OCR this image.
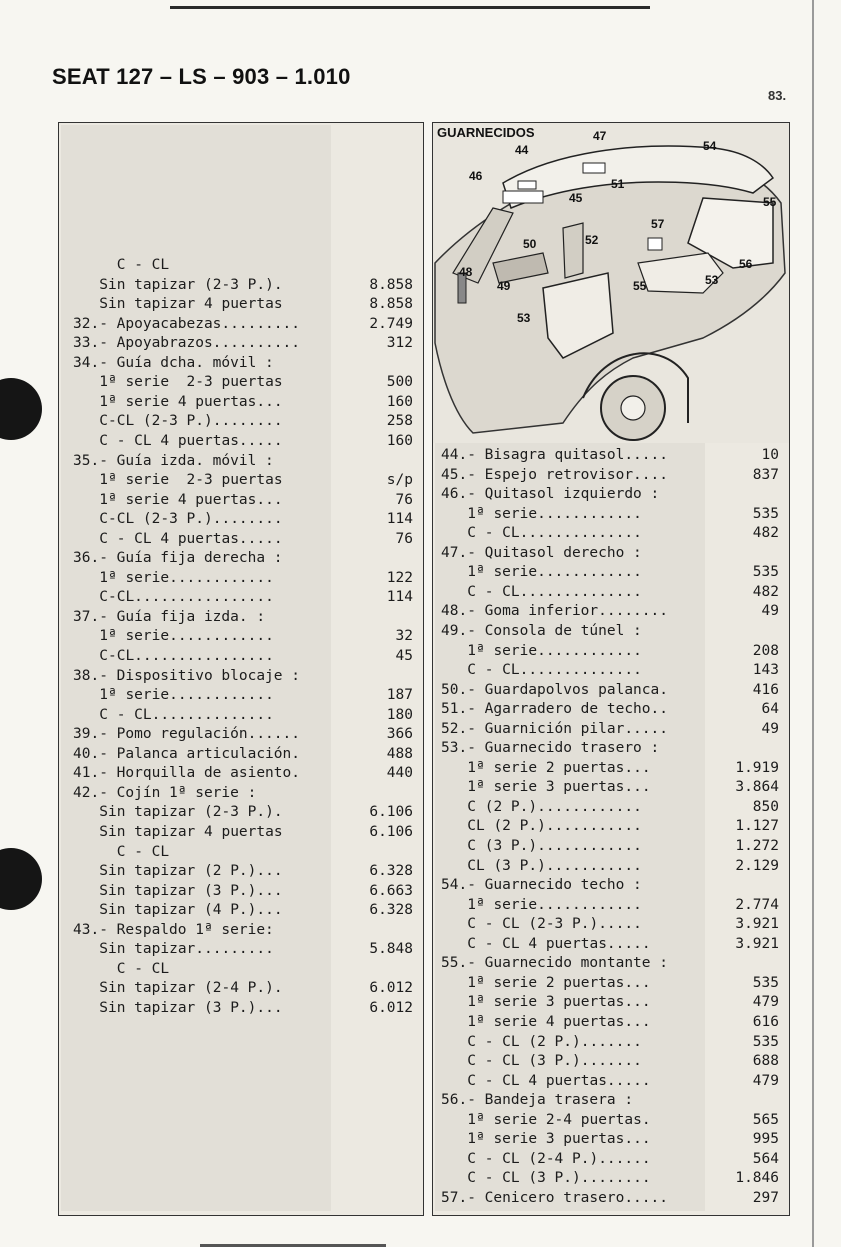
SEAT 127 – LS – 903 – 1.010
83.
C - CL
Sin tapizar (2-3 P.).	8.858
Sin tapizar 4 puertas	8.858
32.- Apoyacabezas.........	2.749
33.- Apoyabrazos..........	312
34.- Guía dcha. móvil :
1ª serie  2-3 puertas	500
1ª serie 4 puertas...	160
C-CL (2-3 P.)........	258
C - CL 4 puertas.....	160
35.- Guía izda. móvil :
1ª serie  2-3 puertas	s/p
1ª serie 4 puertas...	76
C-CL (2-3 P.)........	114
C - CL 4 puertas.....	76
36.- Guía fija derecha :
1ª serie............	122
C-CL................	114
37.- Guía fija izda. :
1ª serie............	32
C-CL................	45
38.- Dispositivo blocaje :
1ª serie............	187
C - CL..............	180
39.- Pomo regulación......	366
40.- Palanca articulación.	488
41.- Horquilla de asiento.	440
42.- Cojín 1ª serie :
Sin tapizar (2-3 P.).	6.106
Sin tapizar 4 puertas	6.106
C - CL
Sin tapizar (2 P.)...	6.328
Sin tapizar (3 P.)...	6.663
Sin tapizar (4 P.)...	6.328
43.- Respaldo 1ª serie:
Sin tapizar.........	5.848
C - CL
Sin tapizar (2-4 P.).	6.012
Sin tapizar (3 P.)...	6.012
GUARNECIDOS	47
44	54
46
51
45	55
57
50	52
48
56
49	55	53
53
44.- Bisagra quitasol.....	10
45.- Espejo retrovisor....	837
46.- Quitasol izquierdo :
1ª serie............	535
C - CL..............	482
47.- Quitasol derecho :
1ª serie............	535
C - CL..............	482
48.- Goma inferior........	49
49.- Consola de túnel :
1ª serie............	208
C - CL..............	143
50.- Guardapolvos palanca.	416
51.- Agarradero de techo..	64
52.- Guarnición pilar.....	49
53.- Guarnecido trasero :
1ª serie 2 puertas...	1.919
1ª serie 3 puertas...	3.864
C (2 P.)............	850
CL (2 P.)...........	1.127
C (3 P.)............	1.272
CL (3 P.)...........	2.129
54.- Guarnecido techo :
1ª serie............	2.774
C - CL (2-3 P.).....	3.921
C - CL 4 puertas.....	3.921
55.- Guarnecido montante :
1ª serie 2 puertas...	535
1ª serie 3 puertas...	479
1ª serie 4 puertas...	616
C - CL (2 P.).......	535
C - CL (3 P.).......	688
C - CL 4 puertas.....	479
56.- Bandeja trasera :
1ª serie 2-4 puertas.	565
1ª serie 3 puertas...	995
C - CL (2-4 P.)......	564
C - CL (3 P.)........	1.846
57.- Cenicero trasero.....	297
